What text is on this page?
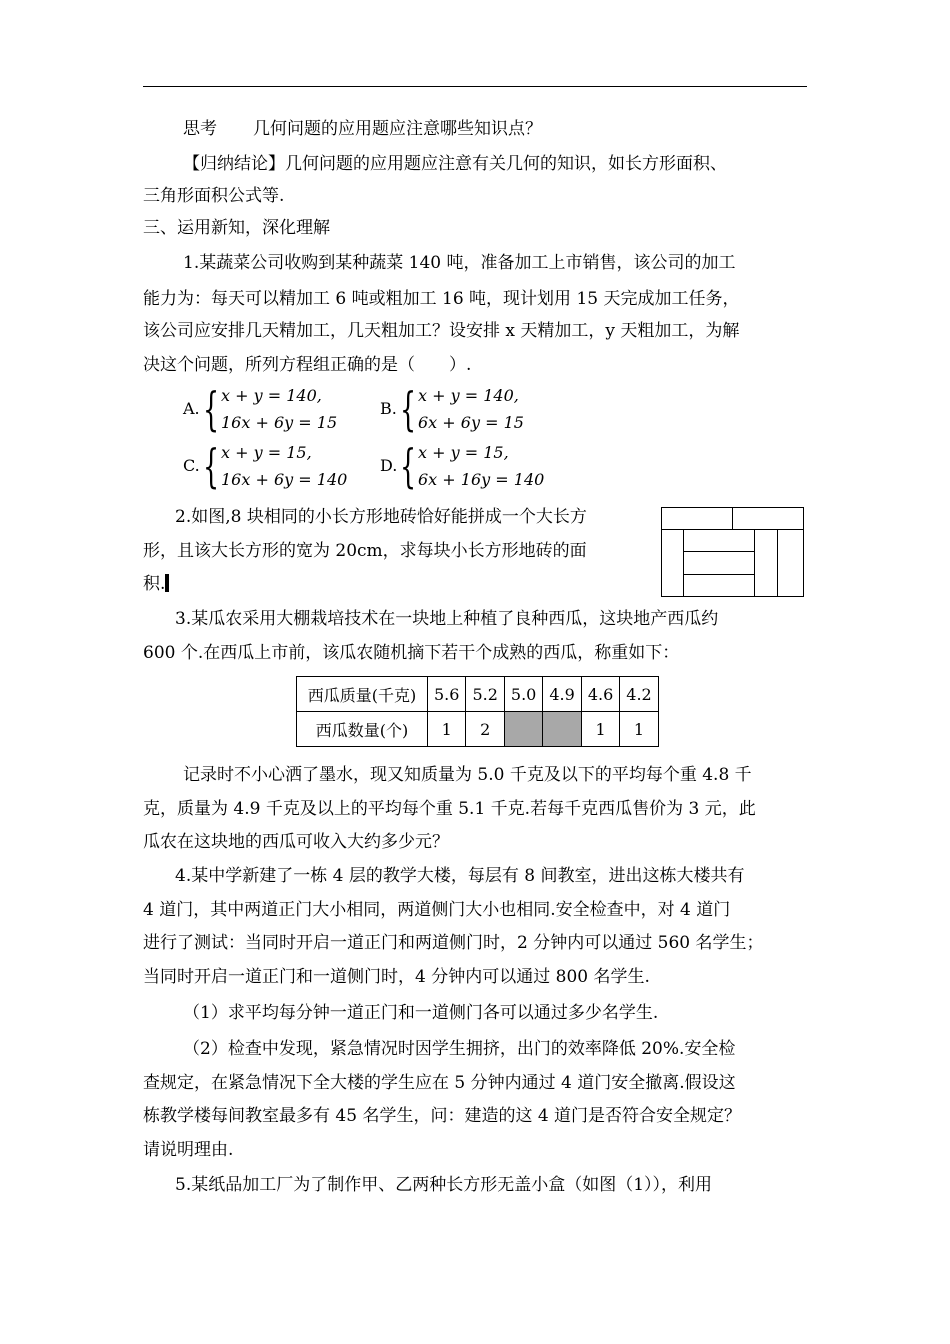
思考 几何问题的应用题应注意哪些知识点？
【归纳结论】几何问题的应用题应注意有关几何的知识，如长方形面积、
三角形面积公式等.
三、运用新知，深化理解
1.某蔬菜公司收购到某种蔬菜 140 吨，准备加工上市销售，该公司的加工
能力为：每天可以精加工 6 吨或粗加工 16 吨，现计划用 15 天完成加工任务，
该公司应安排几天精加工，几天粗加工？设安排 x 天精加工，y 天粗加工，为解
决这个问题，所列方程组正确的是（　　）.
A. { x + y = 140,
16x + 6y = 15
B. { x + y = 140,
6x + 6y = 15
C. { x + y = 15,
16x + 6y = 140
D. { x + y = 15,
6x + 16y = 140
2.如图,8 块相同的小长方形地砖恰好能拼成一个大长方
形，且该大长方形的宽为 20cm，求每块小长方形地砖的面
积.
3.某瓜农采用大棚栽培技术在一块地上种植了良种西瓜，这块地产西瓜约
600 个.在西瓜上市前，该瓜农随机摘下若干个成熟的西瓜，称重如下：
西瓜质量(千克)	5.6	5.2	5.0	4.9	4.6	4.2
西瓜数量(个)	1	2			1	1
记录时不小心洒了墨水，现又知质量为 5.0 千克及以下的平均每个重 4.8 千
克，质量为 4.9 千克及以上的平均每个重 5.1 千克.若每千克西瓜售价为 3 元，此
瓜农在这块地的西瓜可收入大约多少元？
4.某中学新建了一栋 4 层的教学大楼，每层有 8 间教室，进出这栋大楼共有
4 道门，其中两道正门大小相同，两道侧门大小也相同.安全检查中，对 4 道门
进行了测试：当同时开启一道正门和两道侧门时，2 分钟内可以通过 560 名学生；
当同时开启一道正门和一道侧门时，4 分钟内可以通过 800 名学生.
（1）求平均每分钟一道正门和一道侧门各可以通过多少名学生.
（2）检查中发现，紧急情况时因学生拥挤，出门的效率降低 20%.安全检
查规定，在紧急情况下全大楼的学生应在 5 分钟内通过 4 道门安全撤离.假设这
栋教学楼每间教室最多有 45 名学生，问：建造的这 4 道门是否符合安全规定？
请说明理由.
5.某纸品加工厂为了制作甲、乙两种长方形无盖小盒（如图（1）），利用
